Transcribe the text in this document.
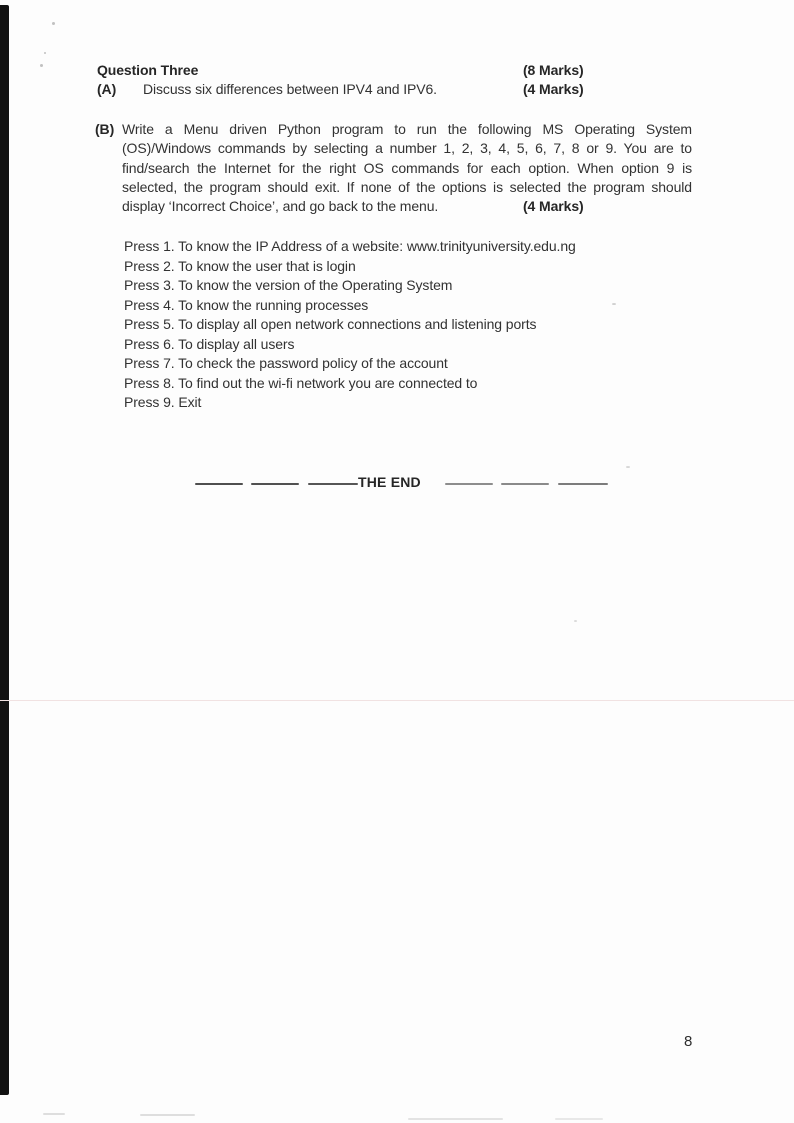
Question Three	(8 Marks)
(A) Discuss six differences between IPV4 and IPV6.	(4 Marks)
(B) Write a Menu driven Python program to run the following MS Operating System
(OS)/Windows commands by selecting a number 1, 2, 3, 4, 5, 6, 7, 8 or 9. You are to
find/search the Internet for the right OS commands for each option. When option 9 is
selected, the program should exit. If none of the options is selected the program should
display ‘Incorrect Choice’, and go back to the menu.	(4 Marks)
Press 1. To know the IP Address of a website: www.trinityuniversity.edu.ng
Press 2. To know the user that is login
Press 3. To know the version of the Operating System
Press 4. To know the running processes
Press 5. To display all open network connections and listening ports
Press 6. To display all users
Press 7. To check the password policy of the account
Press 8. To find out the wi-fi network you are connected to
Press 9. Exit
THE END
8
